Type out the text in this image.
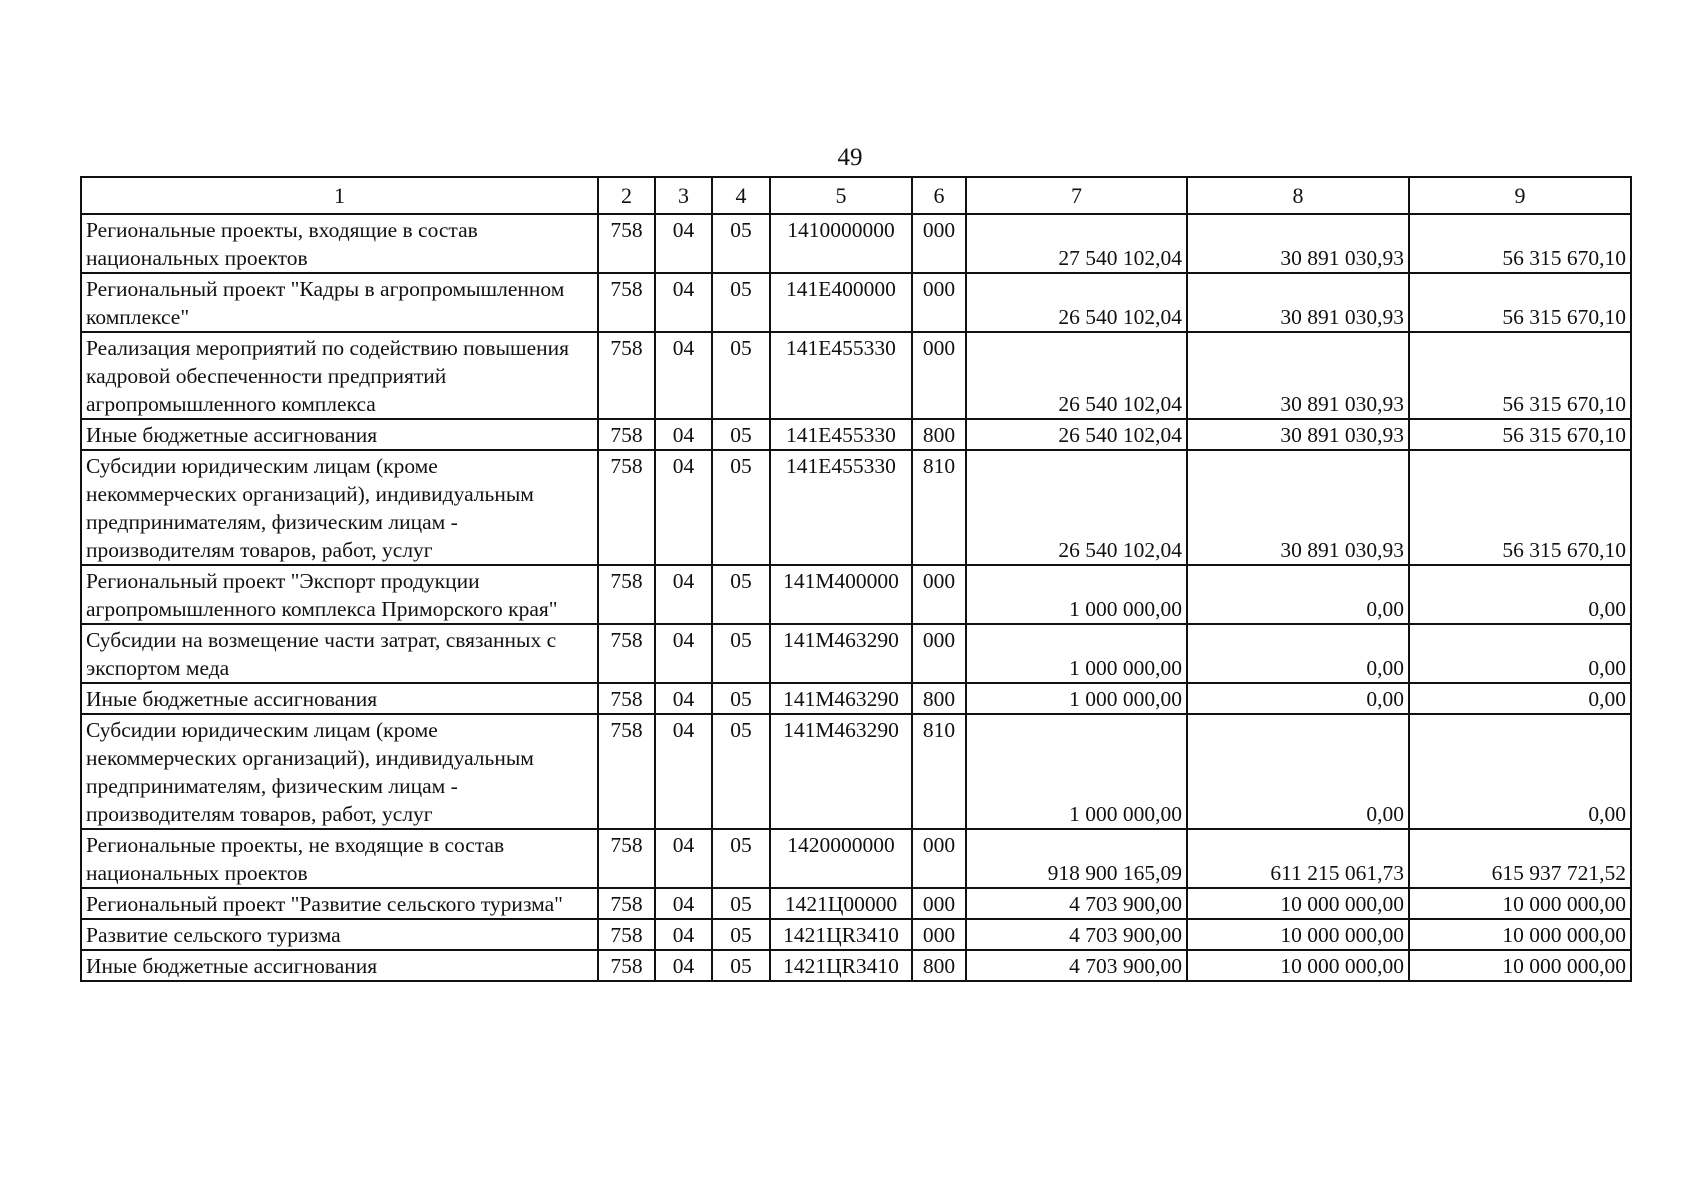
49
1	2	3	4	5	6	7	8	9
Региональные проекты, входящие в состав национальных проектов	758	04	05	1410000000	000	27 540 102,04	30 891 030,93	56 315 670,10
Региональный проект "Кадры в агропромышленном комплексе"	758	04	05	141E400000	000	26 540 102,04	30 891 030,93	56 315 670,10
Реализация мероприятий по содействию повышения кадровой обеспеченности предприятий агропромышленного комплекса	758	04	05	141E455330	000	26 540 102,04	30 891 030,93	56 315 670,10
Иные бюджетные ассигнования	758	04	05	141E455330	800	26 540 102,04	30 891 030,93	56 315 670,10
Субсидии юридическим лицам (кроме некоммерческих организаций), индивидуальным предпринимателям, физическим лицам - производителям товаров, работ, услуг	758	04	05	141E455330	810	26 540 102,04	30 891 030,93	56 315 670,10
Региональный проект "Экспорт продукции агропромышленного комплекса Приморского края"	758	04	05	141M400000	000	1 000 000,00	0,00	0,00
Субсидии на возмещение части затрат, связанных с экспортом меда	758	04	05	141M463290	000	1 000 000,00	0,00	0,00
Иные бюджетные ассигнования	758	04	05	141M463290	800	1 000 000,00	0,00	0,00
Субсидии юридическим лицам (кроме некоммерческих организаций), индивидуальным предпринимателям, физическим лицам - производителям товаров, работ, услуг	758	04	05	141M463290	810	1 000 000,00	0,00	0,00
Региональные проекты, не входящие в состав национальных проектов	758	04	05	1420000000	000	918 900 165,09	611 215 061,73	615 937 721,52
Региональный проект "Развитие сельского туризма"	758	04	05	1421Ц00000	000	4 703 900,00	10 000 000,00	10 000 000,00
Развитие сельского туризма	758	04	05	1421ЦR3410	000	4 703 900,00	10 000 000,00	10 000 000,00
Иные бюджетные ассигнования	758	04	05	1421ЦR3410	800	4 703 900,00	10 000 000,00	10 000 000,00
